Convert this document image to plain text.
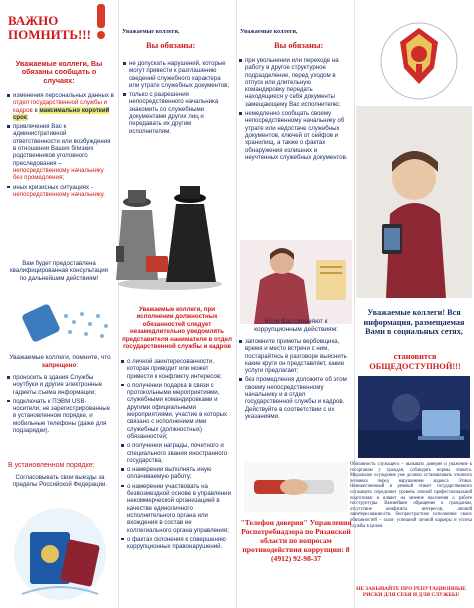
ВАЖНО
ПОМНИТЬ!!!
Уважаемые коллеги, Вы обязаны сообщать о случаях:
изменения персональных данных в отдел государственной службы и кадров в максимально короткий срок;
привлечения Вас к административной ответственности или возбуждения в отношении Ваших близких родственников уголовного преследования – непосредственному начальнику без промедления;
иных кризисных ситуациях - непосредственному начальнику.
Вам будет предоставлена квалифицированная консультация по дальнейшим действиям!
Уважаемые коллеги,
Вы обязаны:
не допускать нарушений, которые могут привести к разглашению сведений служебного характера или утрате служебных документов;
только с разрешения непосредственного начальника знакомить со служебными документами других лиц и передавать их другим исполнителям.
Уважаемые коллеги,
Вы обязаны:
при увольнении или переходе на работу в другое структурное подразделение, перед уходом в отпуск или длительную командировку передать находящиеся у себя документы замещающему Вас исполнителю;
немедленно сообщать своему непосредственному начальнику об утрате или недостаче служебных документов, ключей от сейфов и хранилищ, а также о фактах обнаружения излишних и неучтенных служебных документов.
Уважаемые коллеги, помните, что запрещено:
проносить в здания Службы ноутбуки и другие электронные гаджеты съема информации;
подключать к ПЭВМ USB-носители, не зарегистрированные в установленном порядке, и мобильные телефоны (даже для подзарядки).
В установленном порядке:
Согласовывать свои выезды за пределы Российской Федерации.
Уважаемые коллеги, при исполнении должностных обязанностей следует незамедлительно уведомлять представителя нанимателя в отдел государственной службы и кадров
о личной заинтересованности, которая приводит или может привести к конфликту интересов;
о получении подарка в связи с протокольными мероприятиями, служебными командировками и другими официальными мероприятиями, участие в которых связано с исполнением ими служебных (должностных) обязанностей;
о получении награды, почетного и специального звания иностранного государства;
о намерении выполнять иную оплачиваемую работу;
о намерении участвовать на безвозмездной основе в управлении некоммерческой организацией в качестве единоличного исполнительного органа или вхождения в состав ее коллегиального органа управления;
о фактах склонения к совершению коррупционных правонарушений.
Если Вас склоняют к коррупционным действиям:
запомните приметы вербовщика, время и место встречи с ним, постарайтесь в разговоре выяснить какие круги он представляет, какие услуги предлагает;
без промедления доложите об этом своему непосредственному начальнику и в отдел государственной службы и кадров. Действуйте в соответствии с их указаниями.
"Телефон доверия" Управления Роспотребнадзора по Рязанской области по вопросам противодействия коррупции: 8 (4912) 92-98-37
Уважаемые коллеги! Вся информация, размещаемая Вами в социальных сетях,
становится ОБЩЕДОСТУПНОЙ!!!
Обязанность служащего – вызывать доверие и уважение к госорганам у граждан, соблюдать нормы этикета. Моральное осуждение уже должно останавливать этичного человека перед нарушением кодекса Этики. Невежественный и речевой этикет государственного служащего определяет уровень личной профессиональной подготовки и влияет на мнение населения о работе госструктуры. Важнейшее обращение к гражданам, отсутствие конфликта интересов, личной заинтересованности, беспристрастное исполнение своих обязанностей – залог успешной личной карьеры и успеха службы в целом.
НЕ ЗАБЫВАЙТЕ ПРО РЕПУТАЦИОННЫЕ РИСКИ ДЛЯ СЕБЯ И ДЛЯ СЛУЖБЫ!
